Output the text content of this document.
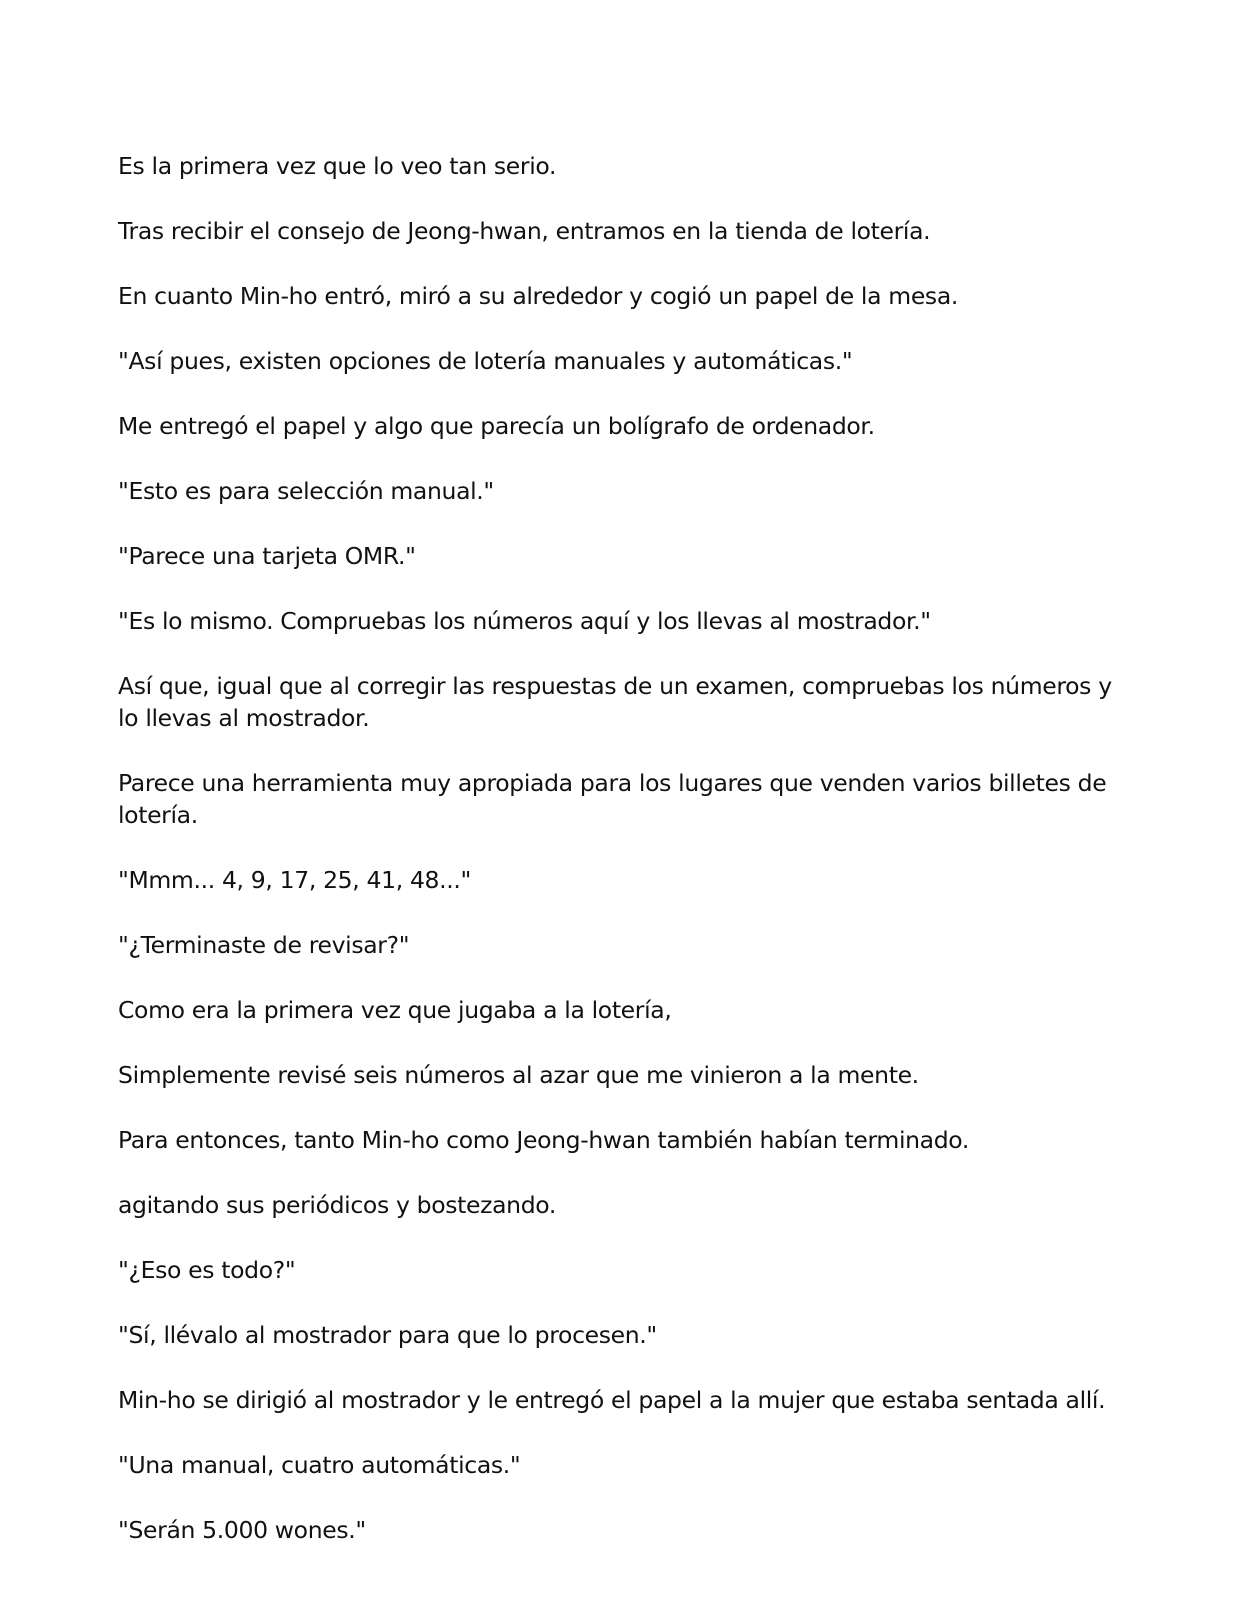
Es la primera vez que lo veo tan serio.

Tras recibir el consejo de Jeong-hwan, entramos en la tienda de lotería.

En cuanto Min-ho entró, miró a su alrededor y cogió un papel de la mesa.

"Así pues, existen opciones de lotería manuales y automáticas."

Me entregó el papel y algo que parecía un bolígrafo de ordenador.

"Esto es para selección manual."

"Parece una tarjeta OMR."

"Es lo mismo. Compruebas los números aquí y los llevas al mostrador."

Así que, igual que al corregir las respuestas de un examen, compruebas los números y lo llevas al mostrador.

Parece una herramienta muy apropiada para los lugares que venden varios billetes de lotería.

"Mmm... 4, 9, 17, 25, 41, 48..."

"¿Terminaste de revisar?"

Como era la primera vez que jugaba a la lotería,

Simplemente revisé seis números al azar que me vinieron a la mente.

Para entonces, tanto Min-ho como Jeong-hwan también habían terminado.

agitando sus periódicos y bostezando.

"¿Eso es todo?"

"Sí, llévalo al mostrador para que lo procesen."

Min-ho se dirigió al mostrador y le entregó el papel a la mujer que estaba sentada allí.

"Una manual, cuatro automáticas."

"Serán 5.000 wones."
